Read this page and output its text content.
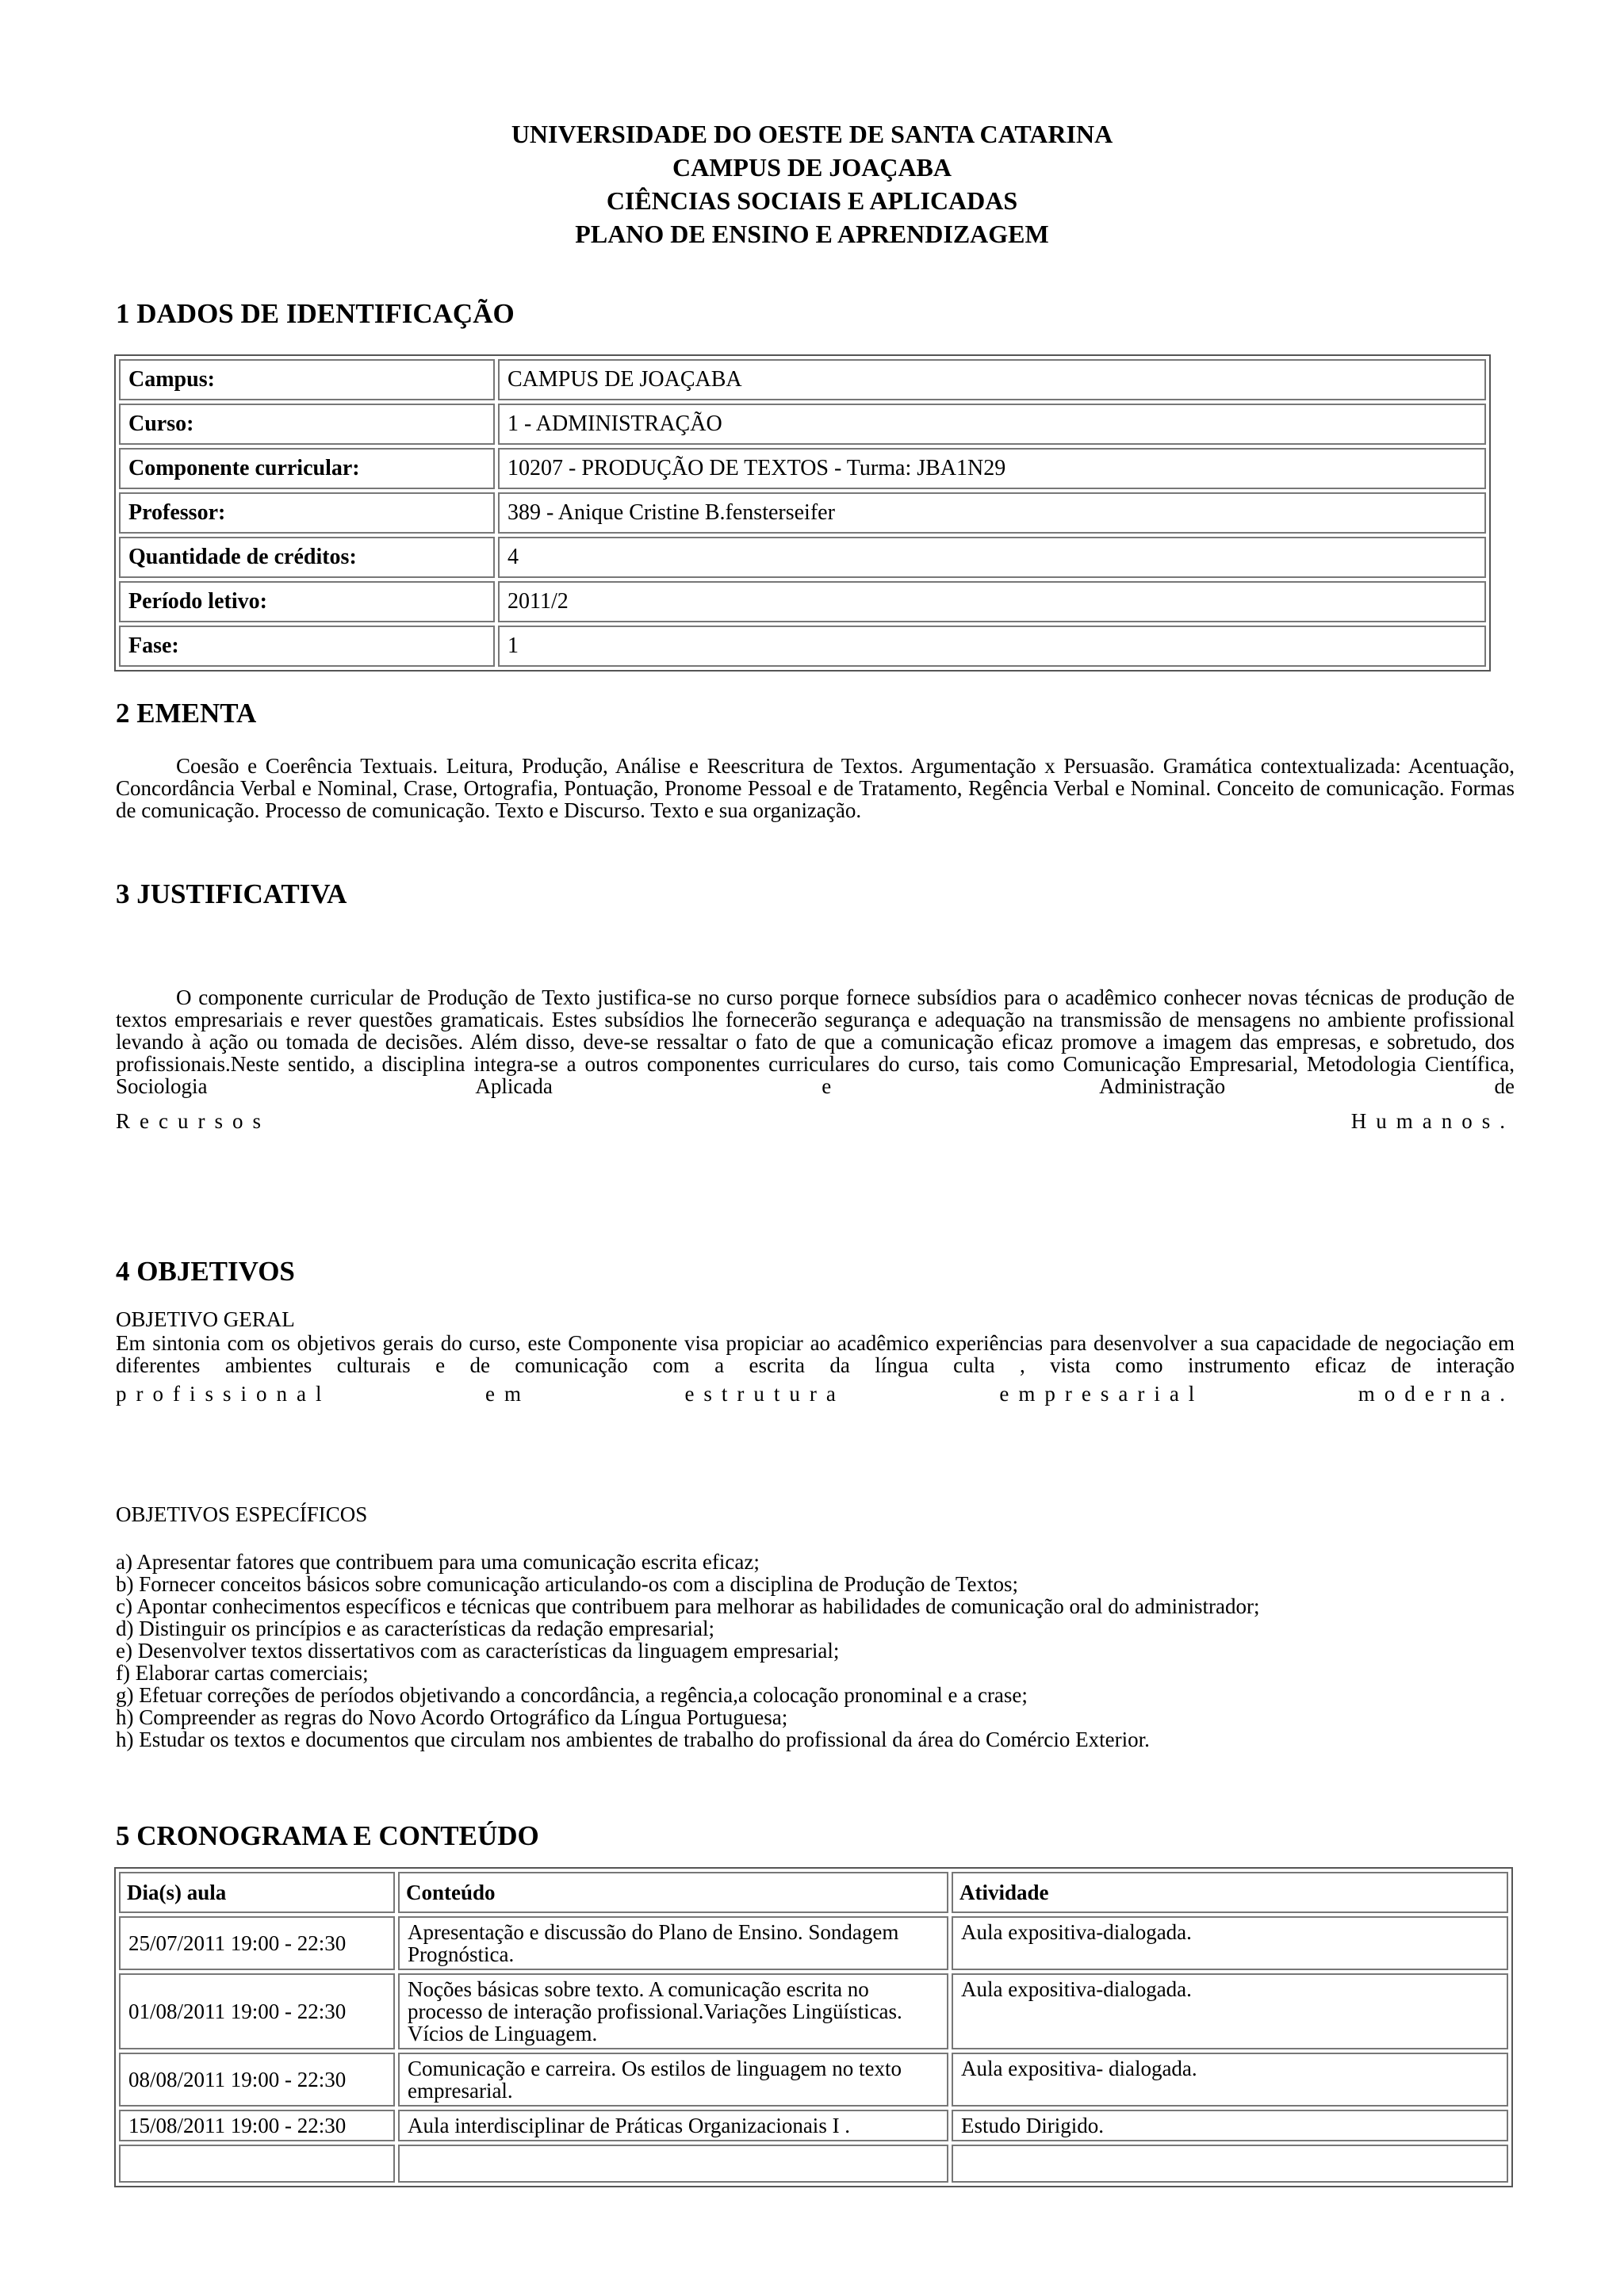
UNIVERSIDADE DO OESTE DE SANTA CATARINA
CAMPUS DE JOAÇABA
CIÊNCIAS SOCIAIS E APLICADAS
PLANO DE ENSINO E APRENDIZAGEM
1 DADOS DE IDENTIFICAÇÃO
Campus:	CAMPUS DE JOAÇABA
Curso:	1 - ADMINISTRAÇÃO
Componente curricular:	10207 - PRODUÇÃO DE TEXTOS - Turma: JBA1N29
Professor:	389 - Anique Cristine B.fensterseifer
Quantidade de créditos:	4
Período letivo:	2011/2
Fase:	1
2 EMENTA

Coesão e Coerência Textuais. Leitura, Produção, Análise e Reescritura de Textos. Argumentação x Persuasão. Gramática contextualizada: Acentuação, Concordância Verbal e Nominal, Crase, Ortografia, Pontuação, Pronome Pessoal e de Tratamento, Regência Verbal e Nominal. Conceito de comunicação. Formas de comunicação. Processo de comunicação. Texto e Discurso. Texto e sua organização.

3 JUSTIFICATIVA

O componente curricular de Produção de Texto justifica-se no curso porque fornece subsídios para o acadêmico conhecer novas técnicas de produção de textos empresariais e rever questões gramaticais. Estes subsídios lhe fornecerão segurança e adequação na transmissão de mensagens no ambiente profissional levando à ação ou tomada de decisões. Além disso, deve-se ressaltar o fato de que a comunicação eficaz promove a imagem das empresas, e sobretudo, dos profissionais.Neste sentido, a disciplina integra-se a outros componentes curriculares do curso, tais como Comunicação Empresarial, Metodologia Científica, Sociologia Aplicada e Administração de

Recursos	Humanos.
4 OBJETIVOS
OBJETIVO GERAL

Em sintonia com os objetivos gerais do curso, este Componente visa propiciar ao acadêmico experiências para desenvolver a sua capacidade de negociação em diferentes ambientes culturais e de comunicação com a escrita da língua culta , vista como instrumento eficaz de interação

profissional	em	estrutura	empresarial	moderna.
OBJETIVOS ESPECÍFICOS
a) Apresentar fatores que contribuem para uma comunicação escrita eficaz;
b) Fornecer conceitos básicos sobre comunicação articulando-os com a disciplina de Produção de Textos;
c) Apontar conhecimentos específicos e técnicas que contribuem para melhorar as habilidades de comunicação oral do administrador;
d) Distinguir os princípios e as características da redação empresarial;
e) Desenvolver textos dissertativos com as características da linguagem empresarial;
f) Elaborar cartas comerciais;
g) Efetuar correções de períodos objetivando a concordância, a regência,a colocação pronominal e a crase;
h) Compreender as regras do Novo Acordo Ortográfico da Língua Portuguesa;
h) Estudar os textos e documentos que circulam nos ambientes de trabalho do profissional da área do Comércio Exterior.
5 CRONOGRAMA E CONTEÚDO
Dia(s) aula	Conteúdo	Atividade
25/07/2011 19:00 - 22:30	Apresentação e discussão do Plano de Ensino. Sondagem Prognóstica.	Aula expositiva-dialogada.
01/08/2011 19:00 - 22:30	Noções básicas sobre texto. A comunicação escrita no processo de interação profissional.Variações Lingüísticas. Vícios de Linguagem.	Aula expositiva-dialogada.
08/08/2011 19:00 - 22:30	Comunicação e carreira. Os estilos de linguagem no texto empresarial.	Aula expositiva- dialogada.
15/08/2011 19:00 - 22:30	Aula interdisciplinar de Práticas Organizacionais I .	Estudo Dirigido.
